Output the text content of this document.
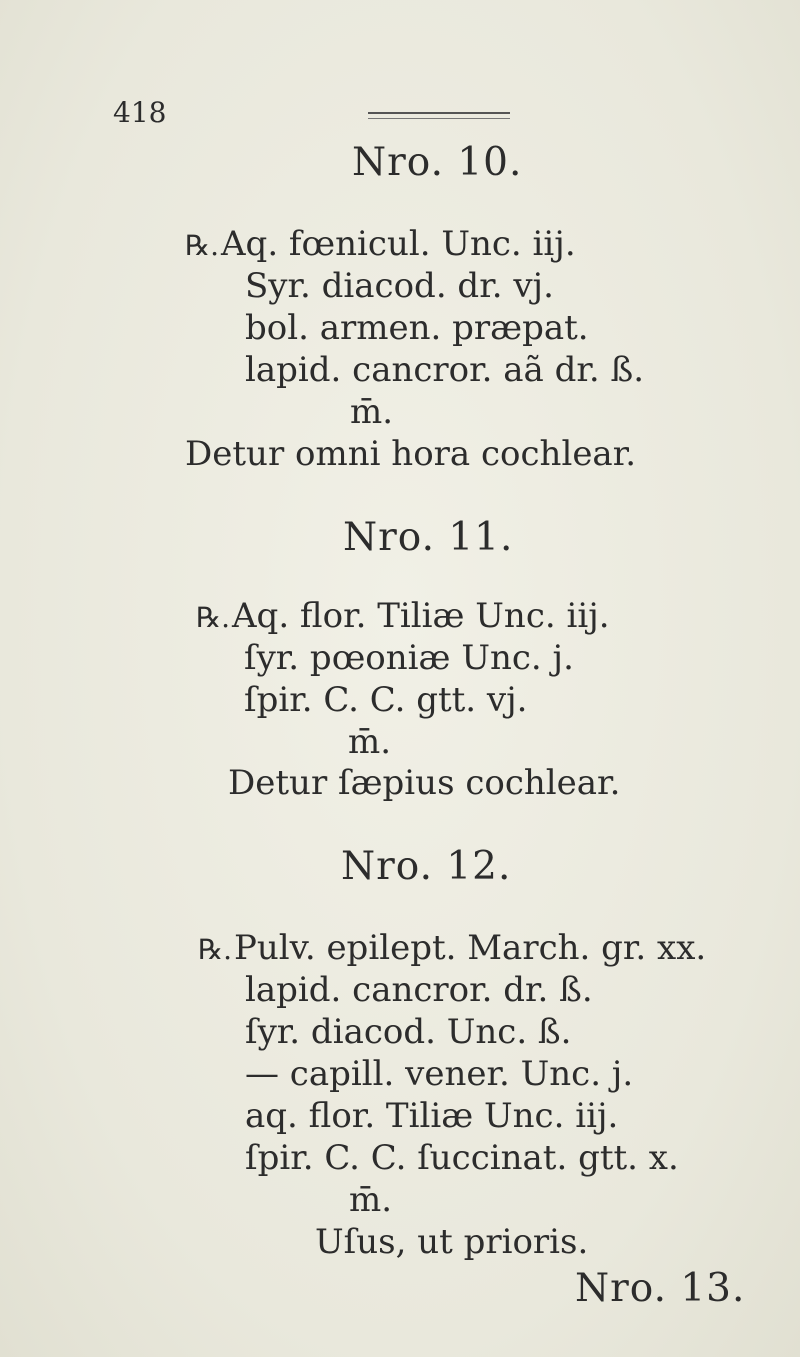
418
Nro. 10.
℞.Aq. fœnicul. Unc. iij.
Syr. diacod. dr. vj.
bol. armen. præpat.
lapid. cancror. aã dr. ß.
m̄.
Detur omni hora cochlear.
Nro. 11.
℞.Aq. flor. Tiliæ Unc. iij.
ſyr. pœoniæ Unc. j.
ſpir. C. C. gtt. vj.
m̄.
Detur ſæpius cochlear.
Nro. 12.
℞.Pulv. epilept. March. gr. xx.
lapid. cancror. dr. ß.
ſyr. diacod. Unc. ß.
— capill. vener. Unc. j.
aq. flor. Tiliæ Unc. iij.
ſpir. C. C. ſuccinat. gtt. x.
m̄.
Uſus, ut prioris.
Nro. 13.
